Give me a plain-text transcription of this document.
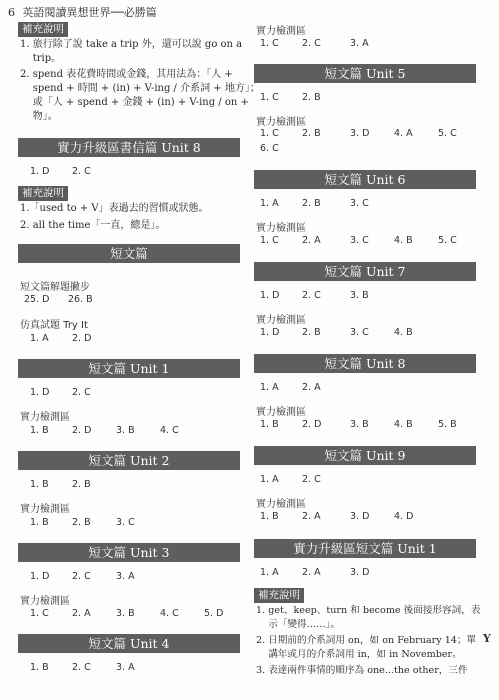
6 英語閱讀異想世界──必勝篇
補充說明
1. 旅行除了說 take a trip 外，還可以說 go on a
trip。
2. spend 表花費時間或金錢，其用法為：「人 +
spend + 時間 + (in) + V-ing / 介系詞 + 地方」；
或「人 + spend + 金錢 + (in) + V-ing / on +
物」。
實力升級區書信篇 Unit 8
1. D 2. C
補充說明
1.「used to + V」表過去的習慣或狀態。
2. all the time「一直，總是」。
短文篇
短文篇解題撇步
25. D 26. B
仿真試題 Try It
1. A 2. D
短文篇 Unit 1
1. D 2. C
實力檢測區
1. B 2. D	3. B	4. C
短文篇 Unit 2
1. B 2. B
實力檢測區
1. B 2. B	3. C
短文篇 Unit 3
1. D 2. C	3. A
實力檢測區
1. C 2. A	3. B	4. C	5. D
短文篇 Unit 4
1. B 2. C	3. A
實力檢測區
1. C 2. C	3. A
短文篇 Unit 5
1. C 2. B
實力檢測區
1. C 2. B	3. D	4. A	5. C
6. C
短文篇 Unit 6
1. A 2. B	3. C
實力檢測區
1. C 2. A	3. C	4. B	5. C
短文篇 Unit 7
1. D 2. C	3. B
實力檢測區
1. D 2. B	3. C	4. B
短文篇 Unit 8
1. A 2. A
實力檢測區
1. B 2. D	3. B	4. B	5. B
短文篇 Unit 9
1. A 2. C
實力檢測區
1. B 2. A	3. D	4. D
實力升級區短文篇 Unit 1
1. A 2. A	3. D
補充說明
1. get、keep、turn 和 become 後面接形容詞，表
示「變得……」。
2. 日期前的介系詞用 on，如 on February 14；單
講年或月的介系詞用 in，如 in November。
3. 表達兩件事情的順序為 one...the other，三件
Y
